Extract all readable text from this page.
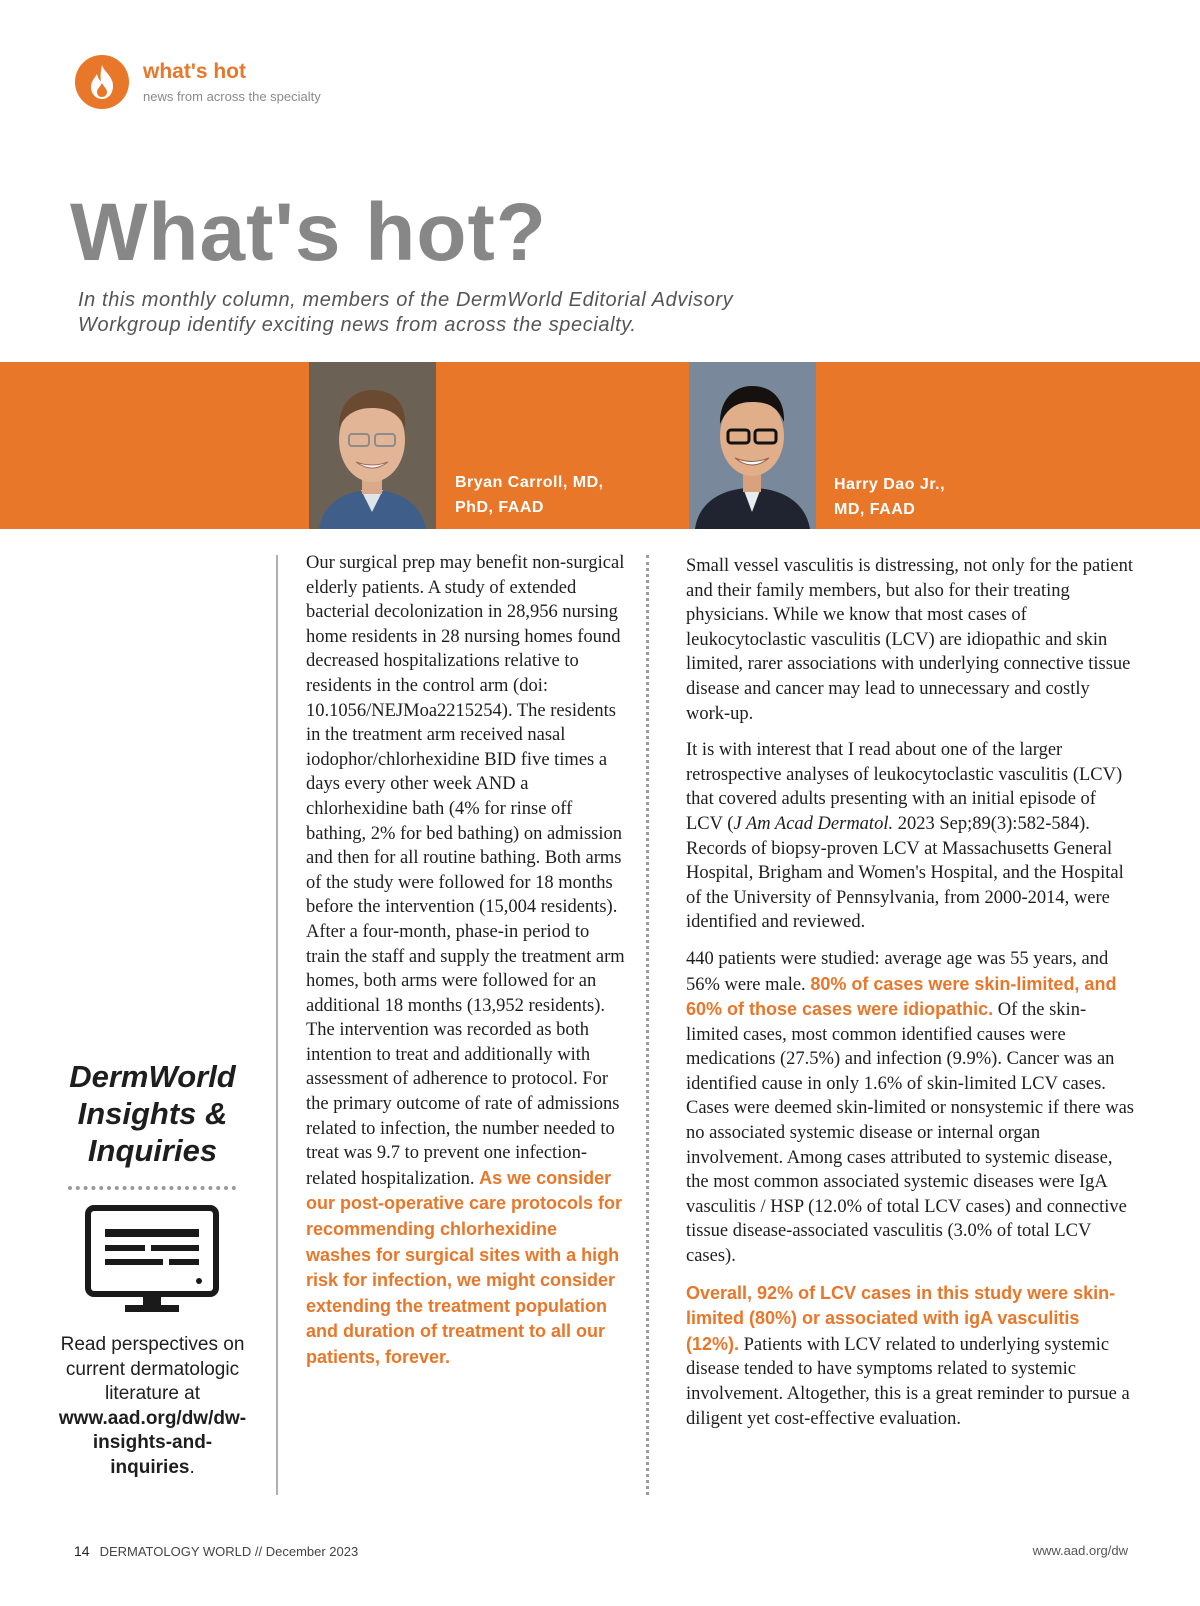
what's hot
news from across the specialty
What's hot?

In this monthly column, members of the DermWorld Editorial Advisory Workgroup identify exciting news from across the specialty.

Bryan Carroll, MD,
PhD, FAAD
Harry Dao Jr.,
MD, FAAD
DermWorld
Insights &
Inquiries
Read perspectives on current dermatologic literature at www.aad.org/dw/dw-insights-and-inquiries.

Our surgical prep may benefit non-surgical elderly patients. A study of extended bacterial decolonization in 28,956 nursing home residents in 28 nursing homes found decreased hospitalizations relative to residents in the control arm (doi: 10.1056/NEJMoa2215254). The residents in the treatment arm received nasal iodophor/chlorhexidine BID five times a days every other week AND a chlorhexidine bath (4% for rinse off bathing, 2% for bed bathing) on admission and then for all routine bathing. Both arms of the study were followed for 18 months before the intervention (15,004 residents). After a four-month, phase-in period to train the staff and supply the treatment arm homes, both arms were followed for an additional 18 months (13,952 residents). The intervention was recorded as both intention to treat and additionally with assessment of adherence to protocol. For the primary outcome of rate of admissions related to infection, the number needed to treat was 9.7 to prevent one infection-related hospitalization. As we consider our post-operative care protocols for recommending chlorhexidine washes for surgical sites with a high risk for infection, we might consider extending the treatment population and duration of treatment to all our patients, forever.

Small vessel vasculitis is distressing, not only for the patient and their family members, but also for their treating physicians. While we know that most cases of leukocytoclastic vasculitis (LCV) are idiopathic and skin limited, rarer associations with underlying connective tissue disease and cancer may lead to unnecessary and costly work-up.

It is with interest that I read about one of the larger retrospective analyses of leukocytoclastic vasculitis (LCV) that covered adults presenting with an initial episode of LCV (J Am Acad Dermatol. 2023 Sep;89(3):582-584). Records of biopsy-proven LCV at Massachusetts General Hospital, Brigham and Women's Hospital, and the Hospital of the University of Pennsylvania, from 2000-2014, were identified and reviewed.

440 patients were studied: average age was 55 years, and 56% were male. 80% of cases were skin-limited, and 60% of those cases were idiopathic. Of the skin-limited cases, most common identified causes were medications (27.5%) and infection (9.9%). Cancer was an identified cause in only 1.6% of skin-limited LCV cases. Cases were deemed skin-limited or nonsystemic if there was no associated systemic disease or internal organ involvement. Among cases attributed to systemic disease, the most common associated systemic diseases were IgA vasculitis / HSP (12.0% of total LCV cases) and connective tissue disease-associated vasculitis (3.0% of total LCV cases).

Overall, 92% of LCV cases in this study were skin-limited (80%) or associated with igA vasculitis (12%). Patients with LCV related to underlying systemic disease tended to have symptoms related to systemic involvement. Altogether, this is a great reminder to pursue a diligent yet cost-effective evaluation.

14 DERMATOLOGY WORLD // December 2023	www.aad.org/dw
